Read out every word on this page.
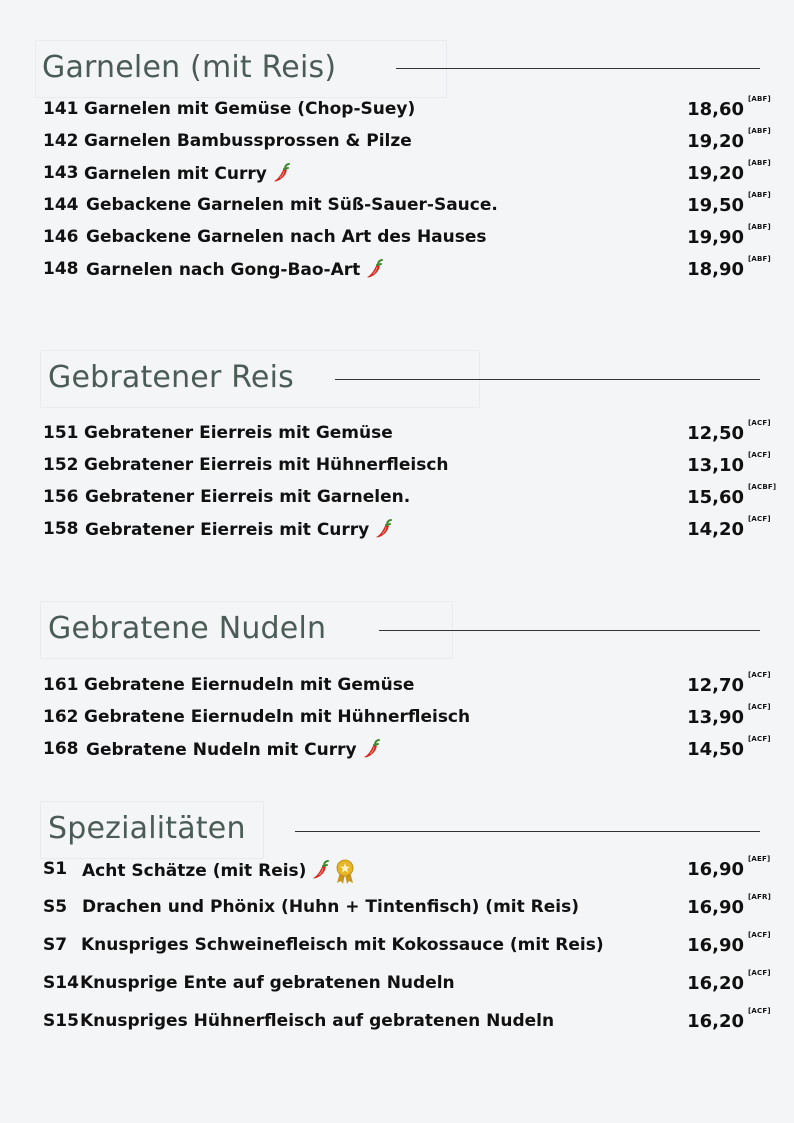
Garnelen (mit Reis)
141 Garnelen mit Gemüse (Chop-Suey)	18,60 [ABF]
142 Garnelen Bambussprossen & Pilze	19,20 [ABF]
143 Garnelen mit Curry	19,20 [ABF]
144 Gebackene Garnelen mit Süß-Sauer-Sauce.	19,50 [ABF]
146 Gebackene Garnelen nach Art des Hauses	19,90 [ABF]
148 Garnelen nach Gong-Bao-Art	18,90 [ABF]
Gebratener Reis
151 Gebratener Eierreis mit Gemüse	12,50 [ACF]
152 Gebratener Eierreis mit Hühnerfleisch	13,10 [ACF]
156 Gebratener Eierreis mit Garnelen.	15,60 [ACBF]
158 Gebratener Eierreis mit Curry	14,20 [ACF]
Gebratene Nudeln
161 Gebratene Eiernudeln mit Gemüse	12,70 [ACF]
162 Gebratene Eiernudeln mit Hühnerfleisch	13,90 [ACF]
168 Gebratene Nudeln mit Curry	14,50 [ACF]
Spezialitäten
S1 Acht Schätze (mit Reis)	16,90 [AEF]
S5 Drachen und Phönix (Huhn + Tintenfisch) (mit Reis)	16,90 [AFR]
S7 Knuspriges Schweinefleisch mit Kokossauce (mit Reis)	16,90 [ACF]
S14 Knusprige Ente auf gebratenen Nudeln	16,20 [ACF]
S15 Knuspriges Hühnerfleisch auf gebratenen Nudeln	16,20 [ACF]
